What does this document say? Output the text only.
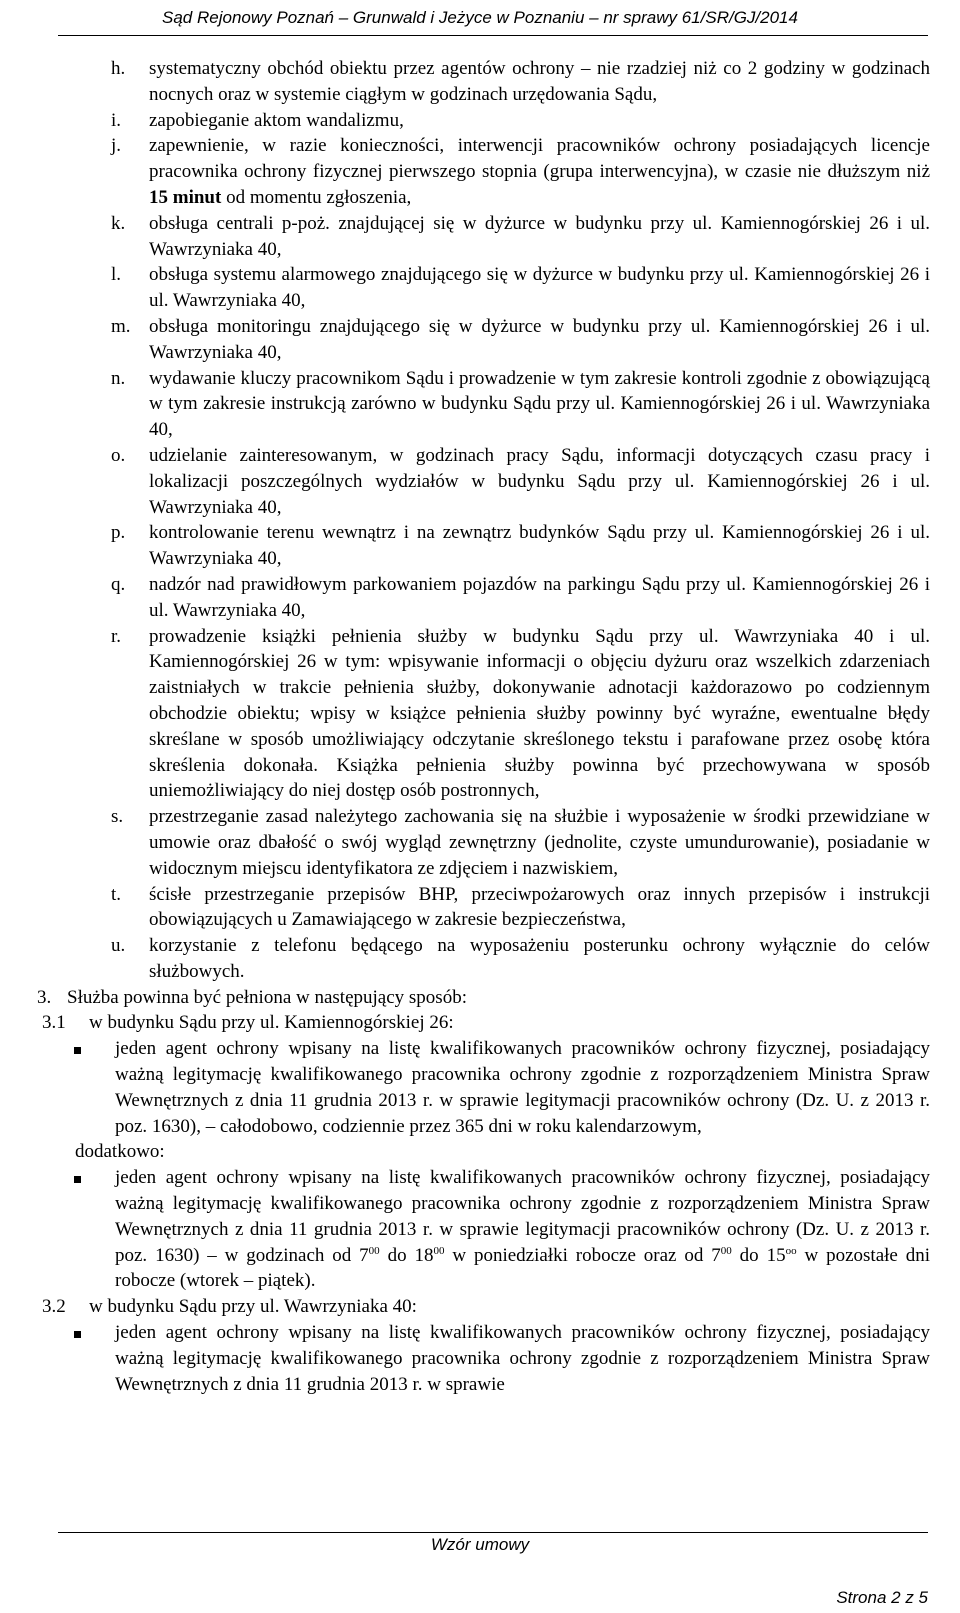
Sąd Rejonowy Poznań – Grunwald i Jeżyce w Poznaniu – nr sprawy 61/SR/GJ/2014
h.	systematyczny obchód obiektu przez agentów ochrony – nie rzadziej niż co 2 godziny w godzinach nocnych oraz w systemie ciągłym w godzinach urzędowania Sądu,
i.	zapobieganie aktom wandalizmu,
j.	zapewnienie, w razie konieczności, interwencji pracowników ochrony posiadających licencje pracownika ochrony fizycznej pierwszego stopnia (grupa interwencyjna), w czasie nie dłuższym niż 15 minut od momentu zgłoszenia,
k.	obsługa centrali p-poż. znajdującej się w dyżurce w budynku przy ul. Kamiennogórskiej 26 i ul. Wawrzyniaka 40,
l.	obsługa systemu alarmowego znajdującego się w dyżurce w budynku przy ul. Kamiennogórskiej 26 i ul. Wawrzyniaka 40,
m. obsługa monitoringu znajdującego się w dyżurce w budynku przy ul. Kamiennogórskiej 26 i ul. Wawrzyniaka 40,
n.	wydawanie kluczy pracownikom Sądu i prowadzenie w tym zakresie kontroli zgodnie z obowiązującą w tym zakresie instrukcją zarówno w budynku Sądu przy ul. Kamiennogórskiej 26 i ul. Wawrzyniaka 40,
o.	udzielanie zainteresowanym, w godzinach pracy Sądu, informacji dotyczących czasu pracy i lokalizacji poszczególnych wydziałów w budynku Sądu przy ul. Kamiennogórskiej 26 i ul. Wawrzyniaka 40,
p.	kontrolowanie terenu wewnątrz i na zewnątrz budynków Sądu przy ul. Kamiennogórskiej 26 i ul. Wawrzyniaka 40,
q.	nadzór nad prawidłowym parkowaniem pojazdów na parkingu Sądu przy ul. Kamiennogórskiej 26 i ul. Wawrzyniaka 40,
r.	prowadzenie książki pełnienia służby w budynku Sądu przy ul. Wawrzyniaka 40 i ul. Kamiennogórskiej 26 w tym: wpisywanie informacji o objęciu dyżuru oraz wszelkich zdarzeniach zaistniałych w trakcie pełnienia służby, dokonywanie adnotacji każdorazowo po codziennym obchodzie obiektu; wpisy w książce pełnienia służby powinny być wyraźne, ewentualne błędy skreślane w sposób umożliwiający odczytanie skreślonego tekstu i parafowane przez osobę która skreślenia dokonała. Książka pełnienia służby powinna być przechowywana w sposób uniemożliwiający do niej dostęp osób postronnych,
s.	przestrzeganie zasad należytego zachowania się na służbie i wyposażenie w środki przewidziane w umowie oraz dbałość o swój wygląd zewnętrzny (jednolite, czyste umundurowanie), posiadanie w widocznym miejscu identyfikatora ze zdjęciem i nazwiskiem,
t.	ścisłe przestrzeganie przepisów BHP, przeciwpożarowych oraz innych przepisów i instrukcji obowiązujących u Zamawiającego w zakresie bezpieczeństwa,
u.	korzystanie z telefonu będącego na wyposażeniu posterunku ochrony wyłącznie do celów służbowych.
3. Służba powinna być pełniona w następujący sposób:
3.1 w budynku Sądu przy ul. Kamiennogórskiej 26:
jeden agent ochrony wpisany na listę kwalifikowanych pracowników ochrony fizycznej, posiadający ważną legitymację kwalifikowanego pracownika ochrony zgodnie z rozporządzeniem Ministra Spraw Wewnętrznych z dnia 11 grudnia 2013 r. w sprawie legitymacji pracowników ochrony (Dz. U. z 2013 r. poz. 1630), – całodobowo, codziennie przez 365 dni w roku kalendarzowym,
dodatkowo:
jeden agent ochrony wpisany na listę kwalifikowanych pracowników ochrony fizycznej, posiadający ważną legitymację kwalifikowanego pracownika ochrony zgodnie z rozporządzeniem Ministra Spraw Wewnętrznych z dnia 11 grudnia 2013 r. w sprawie legitymacji pracowników ochrony (Dz. U. z 2013 r. poz. 1630) – w godzinach od $7^{00}$ do $18^{00}$ w poniedziałki robocze oraz od $7^{00}$ do $15^{oo}$ w pozostałe dni robocze (wtorek – piątek).
3.2 w budynku Sądu przy ul. Wawrzyniaka 40:
jeden agent ochrony wpisany na listę kwalifikowanych pracowników ochrony fizycznej, posiadający ważną legitymację kwalifikowanego pracownika ochrony zgodnie z rozporządzeniem Ministra Spraw Wewnętrznych z dnia 11 grudnia 2013 r. w sprawie
Wzór umowy
Strona 2 z 5
